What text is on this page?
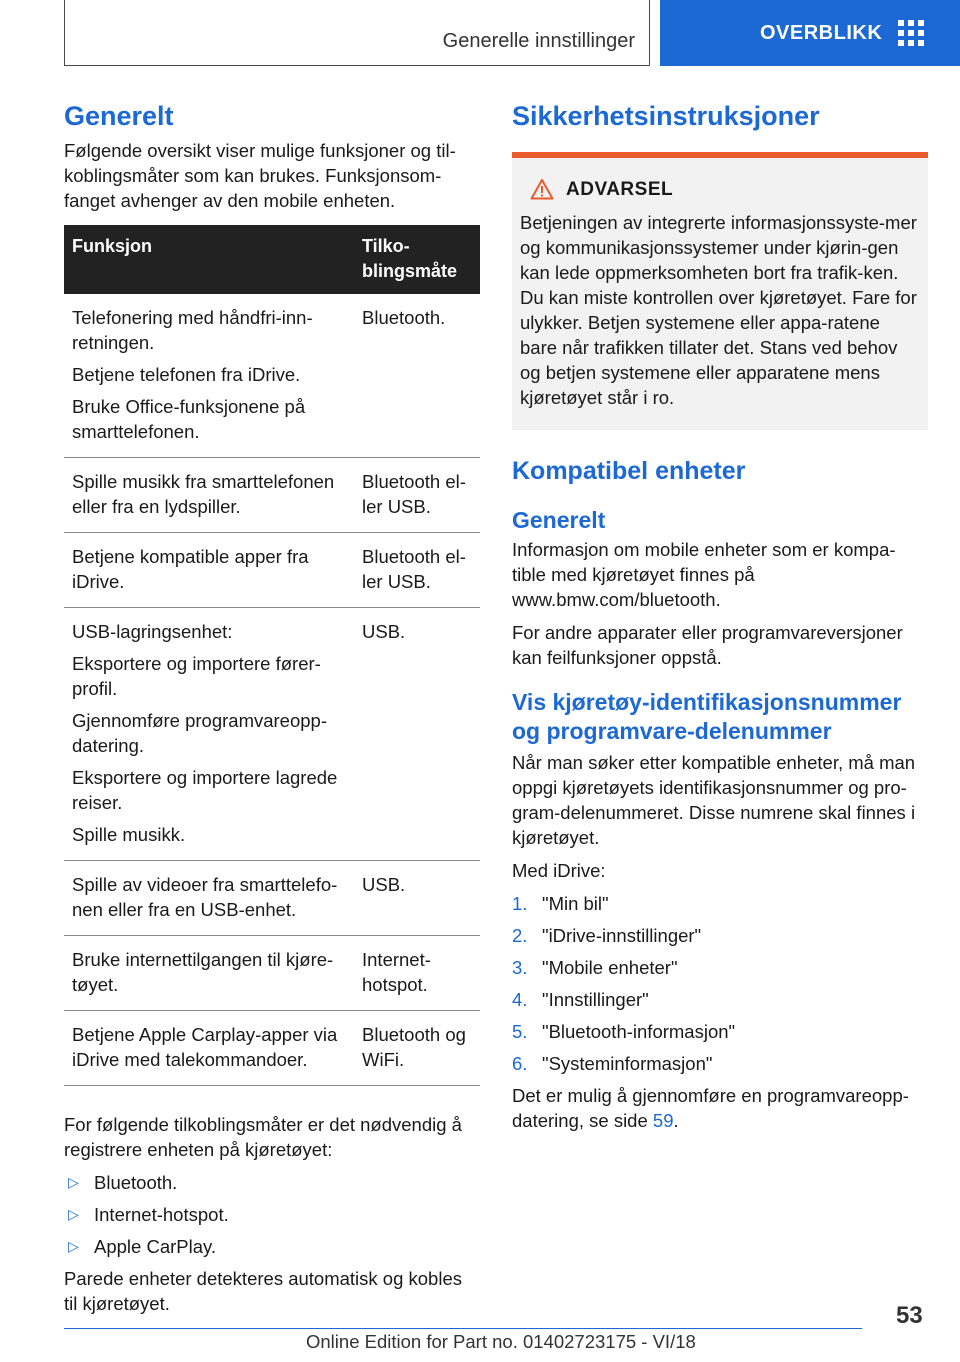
Generelle innstillinger	OVERBLIKK
Generelt

Følgende oversikt viser mulige funksjoner og til-koblingsmåter som kan brukes. Funksjonsom-fanget avhenger av den mobile enheten.

Funksjon	Tilko-blingsmåte

Telefonering med håndfri-inn-retningen.
Betjene telefonen fra iDrive.
Bruke Office-funksjonene på smarttelefonen.	Bluetooth.

Spille musikk fra smarttelefonen eller fra en lydspiller.	Bluetooth el-ler USB.

Betjene kompatible apper fra iDrive.	Bluetooth el-ler USB.

USB-lagringsenhet:
Eksportere og importere fører-profil.
Gjennomføre programvareopp-datering.
Eksportere og importere lagrede reiser.
Spille musikk.	USB.

Spille av videoer fra smarttelefo-nen eller fra en USB-enhet.	USB.

Bruke internettilgangen til kjøre-tøyet.	Internet-hotspot.

Betjene Apple Carplay-apper via iDrive med talekommandoer.	Bluetooth og WiFi.

For følgende tilkoblingsmåter er det nødvendig å registrere enheten på kjøretøyet:

▷ Bluetooth.
▷ Internet-hotspot.
▷ Apple CarPlay.

Parede enheter detekteres automatisk og kobles til kjøretøyet.

Sikkerhetsinstruksjoner
ADVARSEL

Betjeningen av integrerte informasjonssyste-mer og kommunikasjonssystemer under kjørin-gen kan lede oppmerksomheten bort fra trafik-ken. Du kan miste kontrollen over kjøretøyet. Fare for ulykker. Betjen systemene eller appa-ratene bare når trafikken tillater det. Stans ved behov og betjen systemene eller apparatene mens kjøretøyet står i ro.

Kompatibel enheter
Generelt

Informasjon om mobile enheter som er kompa-tible med kjøretøyet finnes på www.bmw.com/bluetooth.

For andre apparater eller programvareversjoner kan feilfunksjoner oppstå.

Vis kjøretøy-identifikasjonsnummer og programvare-delenummer

Når man søker etter kompatible enheter, må man oppgi kjøretøyets identifikasjonsnummer og pro-gram-delenummeret. Disse numrene skal finnes i kjøretøyet.

Med iDrive:

1. "Min bil"
2. "iDrive-innstillinger"
3. "Mobile enheter"
4. "Innstillinger"
5. "Bluetooth-informasjon"
6. "Systeminformasjon"

Det er mulig å gjennomføre en programvareopp-datering, se side 59.

53
Online Edition for Part no. 01402723175 - VI/18
